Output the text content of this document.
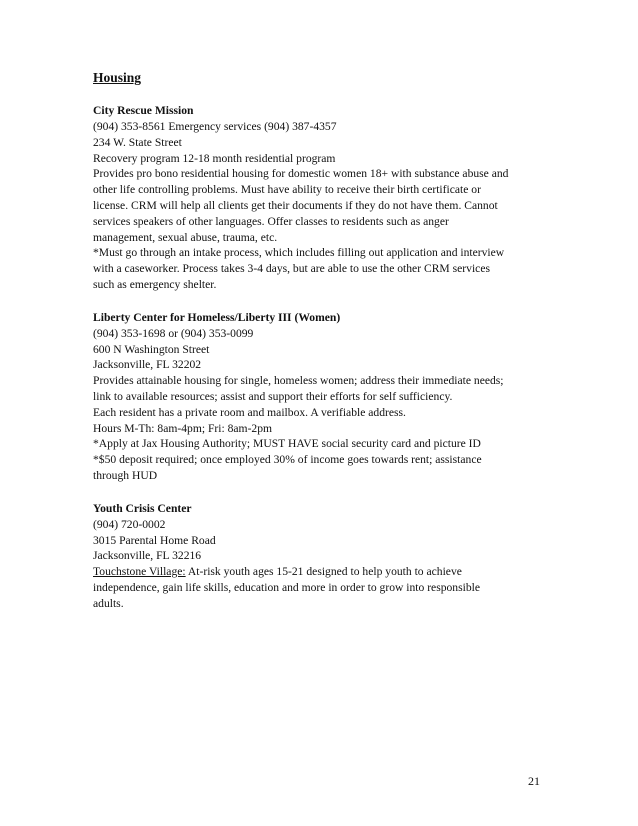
Housing
City Rescue Mission
(904) 353-8561 Emergency services (904) 387-4357
234 W. State Street
Recovery program 12-18 month residential program
Provides pro bono residential housing for domestic women 18+ with substance abuse and
other life controlling problems. Must have ability to receive their birth certificate or
license. CRM will help all clients get their documents if they do not have them. Cannot
services speakers of other languages. Offer classes to residents such as anger
management, sexual abuse, trauma, etc.
*Must go through an intake process, which includes filling out application and interview
with a caseworker. Process takes 3-4 days, but are able to use the other CRM services
such as emergency shelter.
Liberty Center for Homeless/Liberty III (Women)
(904) 353-1698 or (904) 353-0099
600 N Washington Street
Jacksonville, FL 32202
Provides attainable housing for single, homeless women; address their immediate needs;
link to available resources; assist and support their efforts for self sufficiency.
Each resident has a private room and mailbox. A verifiable address.
Hours M-Th: 8am-4pm; Fri: 8am-2pm
*Apply at Jax Housing Authority; MUST HAVE social security card and picture ID
*$50 deposit required; once employed 30% of income goes towards rent; assistance
through HUD
Youth Crisis Center
(904) 720-0002
3015 Parental Home Road
Jacksonville, FL 32216
Touchstone Village: At-risk youth ages 15-21 designed to help youth to achieve
independence, gain life skills, education and more in order to grow into responsible
adults.
21
